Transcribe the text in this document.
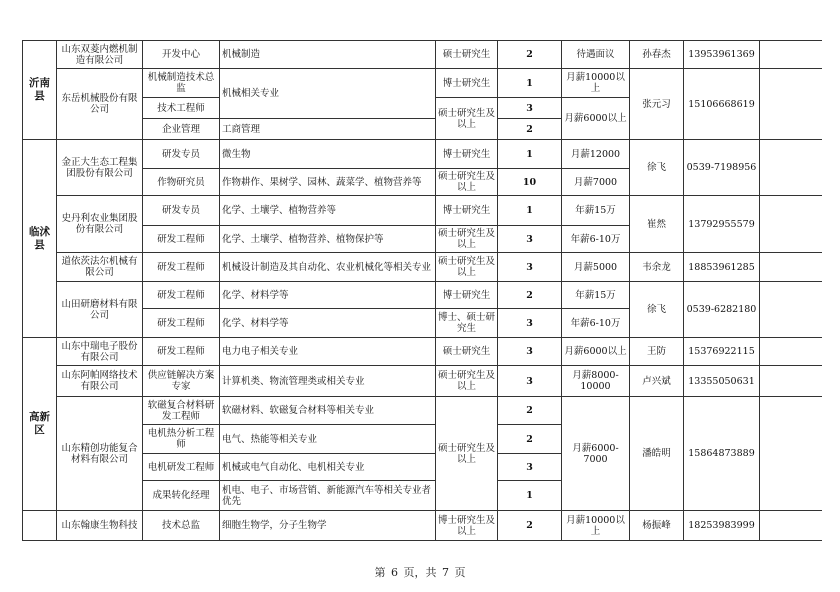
沂南县	山东双菱内燃机制造有限公司	开发中心	机械制造	硕士研究生	2	待遇面议	孙春杰	13953961369	
	东岳机械股份有限公司	机械制造技术总监	机械相关专业	博士研究生	1	月薪10000以上	张元习	15106668619	
		技术工程师		硕士研究生及以上	3	月薪6000以上			
		企业管理	工商管理		2				
临沭县	金正大生态工程集团股份有限公司	研发专员	微生物	博士研究生	1	月薪12000	徐飞	0539-7198956	
		作物研究员	作物耕作、果树学、园林、蔬菜学、植物营养等	硕士研究生及以上	10	月薪7000			
	史丹利农业集团股份有限公司	研发专员	化学、土壤学、植物营养等	博士研究生	1	年薪15万	崔然	13792955579	
		研发工程师	化学、土壤学、植物营养、植物保护等	硕士研究生及以上	3	年薪6-10万			
	道依茨法尔机械有限公司	研发工程师	机械设计制造及其自动化、农业机械化等相关专业	硕士研究生及以上	3	月薪5000	韦余龙	18853961285	
	山田研磨材料有限公司	研发工程师	化学、材料学等	博士研究生	2	年薪15万	徐飞	0539-6282180	
		研发工程师	化学、材料学等	博士、硕士研究生	3	年薪6-10万			
高新区	山东中瑞电子股份有限公司	研发工程师	电力电子相关专业	硕士研究生	3	月薪6000以上	王防	15376922115	
	山东阿帕网络技术有限公司	供应链解决方案专家	计算机类、物流管理类或相关专业	硕士研究生及以上	3	月薪8000-10000	卢兴斌	13355050631	
	山东精创功能复合材料有限公司	软磁复合材料研发工程师	软磁材料、软磁复合材料等相关专业	硕士研究生及以上	2	月薪6000-7000	潘皓明	15864873889	
		电机热分析工程师	电气、热能等相关专业		2				
		电机研发工程师	机械或电气自动化、电机相关专业		3				
		成果转化经理	机电、电子、市场营销、新能源汽车等相关专业者优先		1				
	山东翰康生物科技	技术总监	细胞生物学，分子生物学	博士研究生及以上	2	月薪10000以上	杨振峰	18253983999	
第 6 页，共 7 页
